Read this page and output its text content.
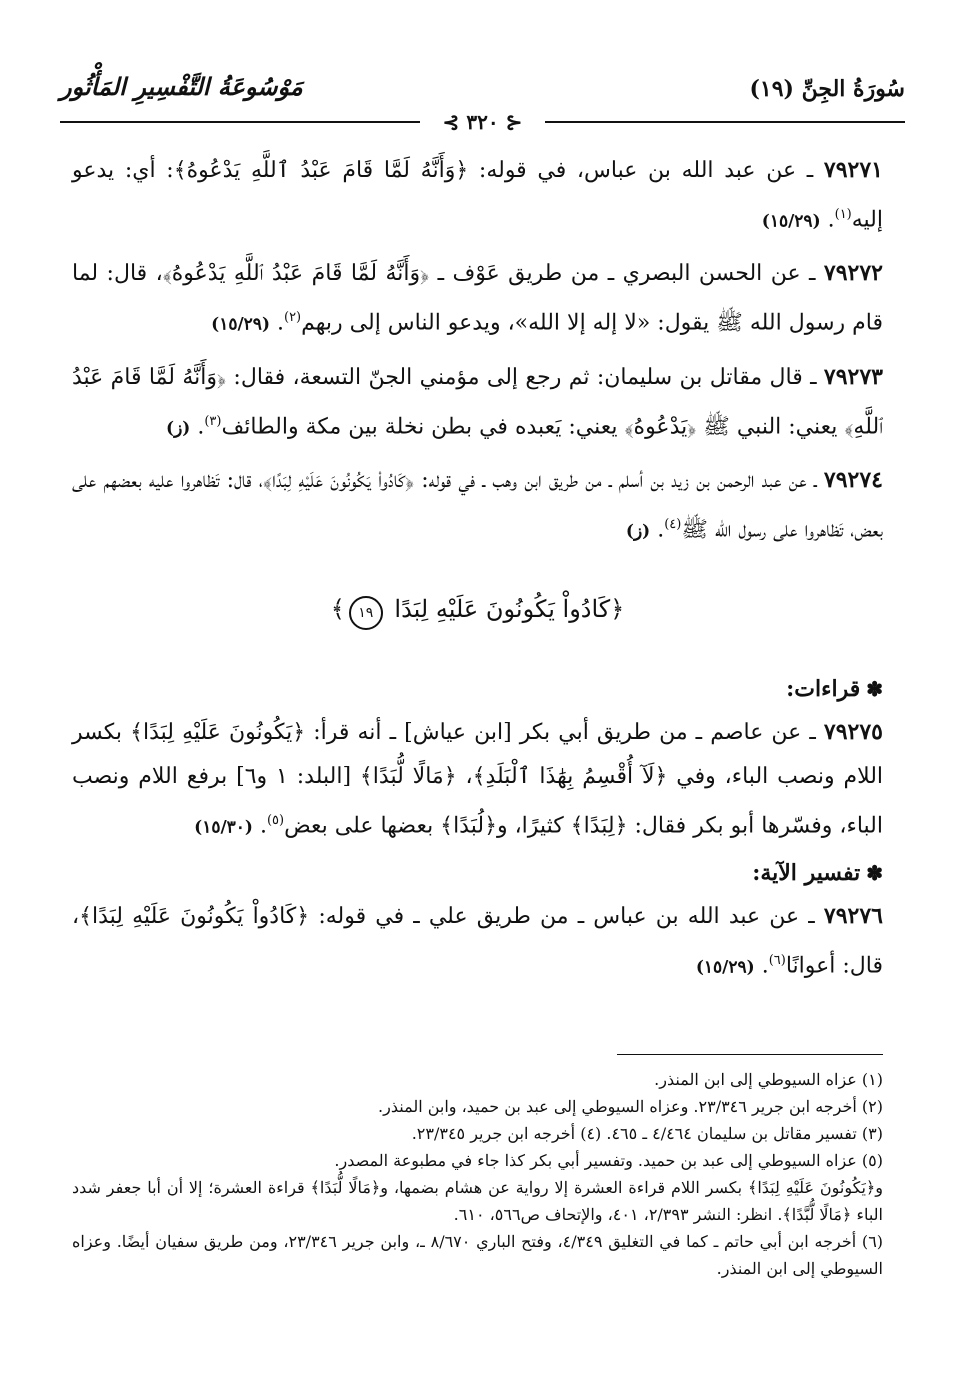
سُورَةُ الجِنِّ (١٩)
مَوْسُوعَةُ التَّفْسِيرِ المَأْثُور
⊰ ٣٢٠ ⊱

٧٩٢٧١ ـ عن عبد الله بن عباس، في قوله: ﴿وَأَنَّهُ لَمَّا قَامَ عَبْدُ ٱللَّهِ يَدْعُوهُ﴾: أي: يدعو إليه$^{(١)}$. (١٥/٢٩)

٧٩٢٧٢ ـ عن الحسن البصري ـ من طريق عَوْف ـ ﴿وَأَنَّهُ لَمَّا قَامَ عَبْدُ ٱللَّهِ يَدْعُوهُ﴾، قال: لما قام رسول الله ﷺ يقول: «لا إله إلا الله»، ويدعو الناس إلى ربهم$^{(٢)}$. (١٥/٢٩)

٧٩٢٧٣ ـ قال مقاتل بن سليمان: ثم رجع إلى مؤمني الجنّ التسعة، فقال: ﴿وَأَنَّهُ لَمَّا قَامَ عَبْدُ ٱللَّهِ﴾ يعني: النبي ﷺ ﴿يَدْعُوهُ﴾ يعني: يَعبده في بطن نخلة بين مكة والطائف$^{(٣)}$. (ز)

٧٩٢٧٤ ـ عن عبد الرحمن بن زيد بن أسلم ـ من طريق ابن وهب ـ في قوله: ﴿كَادُواْ يَكُونُونَ عَلَيْهِ لِبَدًا﴾، قال: تَظاهروا عليه بعضهم على بعض، تَظاهروا على رسول الله ﷺ$^{(٤)}$. (ز)

﴿كَادُواْ يَكُونُونَ عَلَيْهِ لِبَدًا ١٩﴾
✽قراءات:

٧٩٢٧٥ ـ عن عاصم ـ من طريق أبي بكر [ابن عياش] ـ أنه قرأ: ﴿يَكُونُونَ عَلَيْهِ لِبَدًا﴾ بكسر اللام ونصب الباء، وفي ﴿لَآ أُقْسِمُ بِهَٰذَا ٱلْبَلَدِ﴾، ﴿مَالًا لُّبَدًا﴾ [البلد: ١ و٦] برفع اللام ونصب الباء، وفسّرها أبو بكر فقال: ﴿لِبَدًا﴾ كثيرًا، و﴿لُبَدًا﴾ بعضها على بعض$^{(٥)}$. (١٥/٣٠)

✽تفسير الآية:

٧٩٢٧٦ ـ عن عبد الله بن عباس ـ من طريق علي ـ في قوله: ﴿كَادُواْ يَكُونُونَ عَلَيْهِ لِبَدًا﴾، قال: أعوانًا$^{(٦)}$. (١٥/٢٩)

(١) عزاه السيوطي إلى ابن المنذر.

(٢) أخرجه ابن جرير ٢٣/٣٤٦. وعزاه السيوطي إلى عبد بن حميد، وابن المنذر.

(٣) تفسير مقاتل بن سليمان ٤/٤٦٤ ـ ٤٦٥. (٤) أخرجه ابن جرير ٢٣/٣٤٥.

(٥) عزاه السيوطي إلى عبد بن حميد. وتفسير أبي بكر كذا جاء في مطبوعة المصدر.

و﴿يَكُونُونَ عَلَيْهِ لِبَدًا﴾ بكسر اللام قراءة العشرة إلا رواية عن هشام بضمها، و﴿مَالًا لُّبَدًا﴾ قراءة العشرة؛ إلا أن أبا جعفر شدد الباء ﴿مَالًا لُّبَّدًا﴾. انظر: النشر ٢/٣٩٣، ٤٠١، والإتحاف ص٥٦٦، ٦١٠.

(٦) أخرجه ابن أبي حاتم ـ كما في التغليق ٤/٣٤٩، وفتح الباري ٨/٦٧٠ ـ، وابن جرير ٢٣/٣٤٦، ومن طريق سفيان أيضًا. وعزاه السيوطي إلى ابن المنذر.
